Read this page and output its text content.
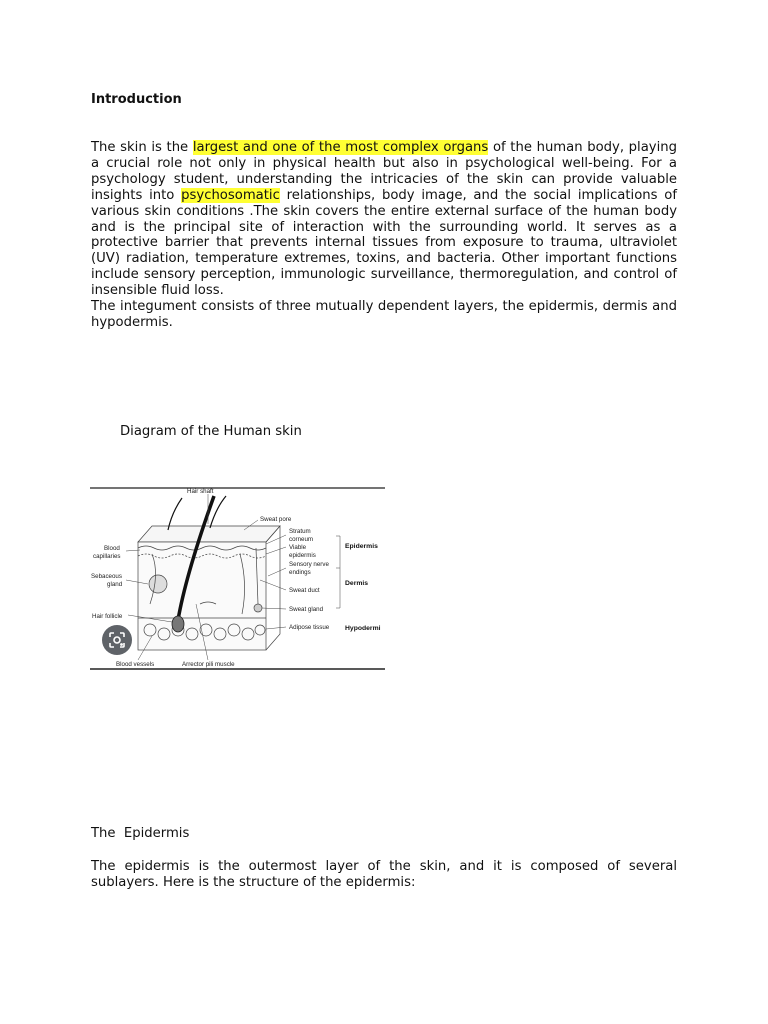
Introduction

The skin is the largest and one of the most complex organs of the human body, playing a crucial role not only in physical health but also in psychological well-being. For a psychology student, understanding the intricacies of the skin can provide valuable insights into psychosomatic relationships, body image, and the social implications of various skin conditions .The skin covers the entire external surface of the human body and is the principal site of interaction with the surrounding world. It serves as a protective barrier that prevents internal tissues from exposure to trauma, ultraviolet (UV) radiation, temperature extremes, toxins, and bacteria. Other important functions include sensory perception, immunologic surveillance, thermoregulation, and control of insensible fluid loss.

The integument consists of three mutually dependent layers, the epidermis, dermis and hypodermis.

Diagram of the Human skin

Hair shaft
Sweat pore
Stratum
corneum
Viable
epidermis
Sensory nerve
endings
Sweat duct
Sweat gland
Adipose tissue
Blood
capillaries
Sebaceous
gland
Hair follicle
Blood vessels	Arrector pili muscle
Epidermis
Dermis
Hypodermi

The  Epidermis

The epidermis is the outermost layer of the skin, and it is composed of several sublayers. Here is the structure of the epidermis:
